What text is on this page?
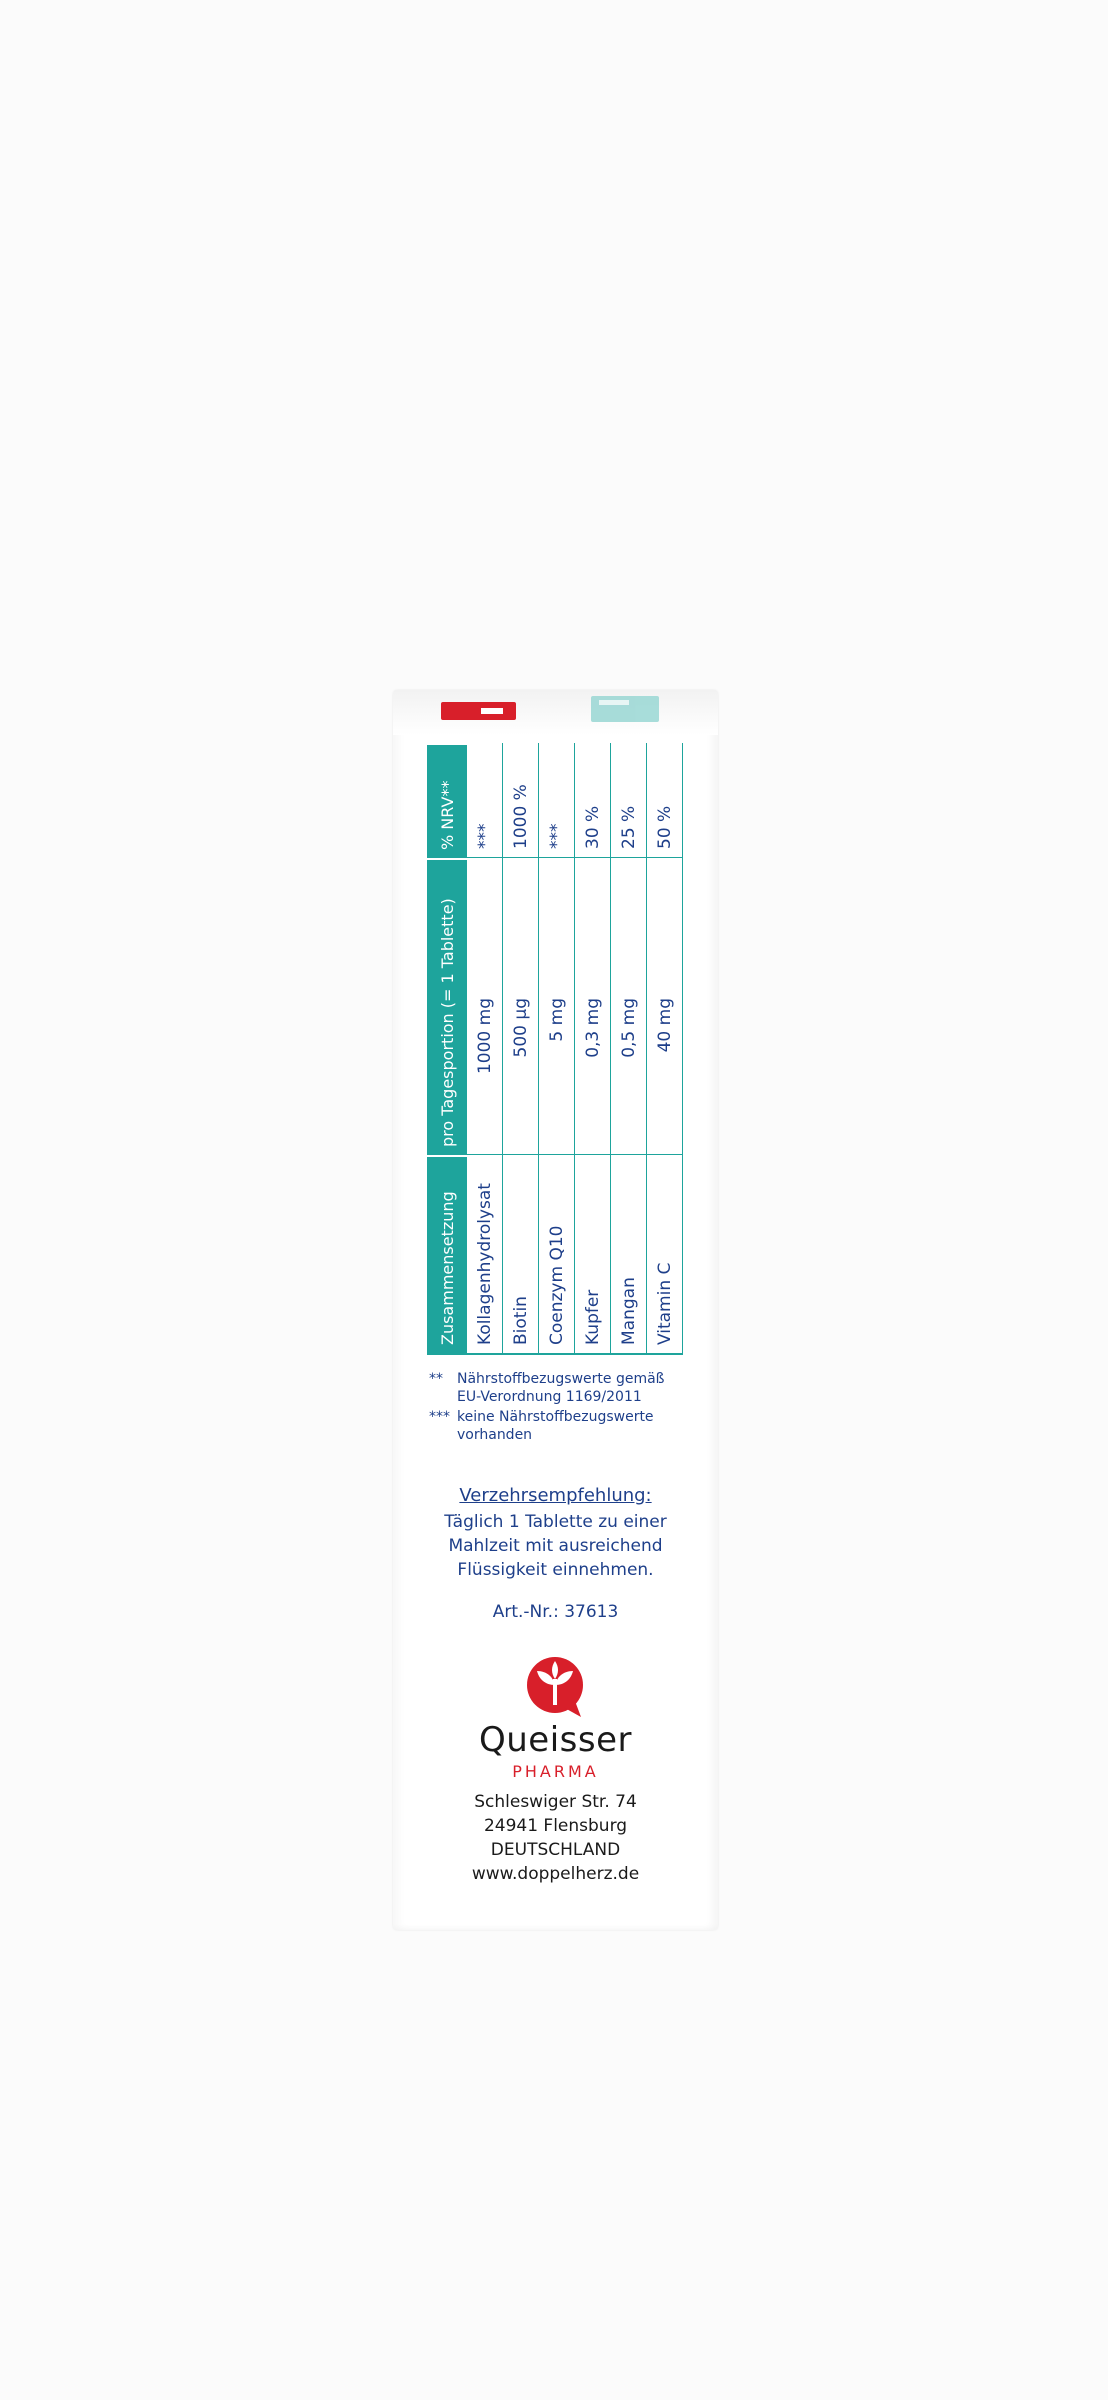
Zusammensetzung
pro Tagesportion (= 1 Tablette)
% NRV**
Kollagenhydrolysat
1000 mg
***
Biotin
500 µg
1000 %
Coenzym Q10
5 mg
***
Kupfer
0,3 mg
30 %
Mangan
0,5 mg
25 %
Vitamin C
40 mg
50 %
**	Nährstoffbezugswerte gemäß EU-Verordnung 1169/2011
*** keine Nährstoffbezugswerte vorhanden
Verzehrsempfehlung:
Täglich 1 Tablette zu einer Mahlzeit mit ausreichend Flüssigkeit einnehmen.
Art.-Nr.: 37613
Queisser
PHARMA
Schleswiger Str. 74
24941 Flensburg
DEUTSCHLAND
www.doppelherz.de
